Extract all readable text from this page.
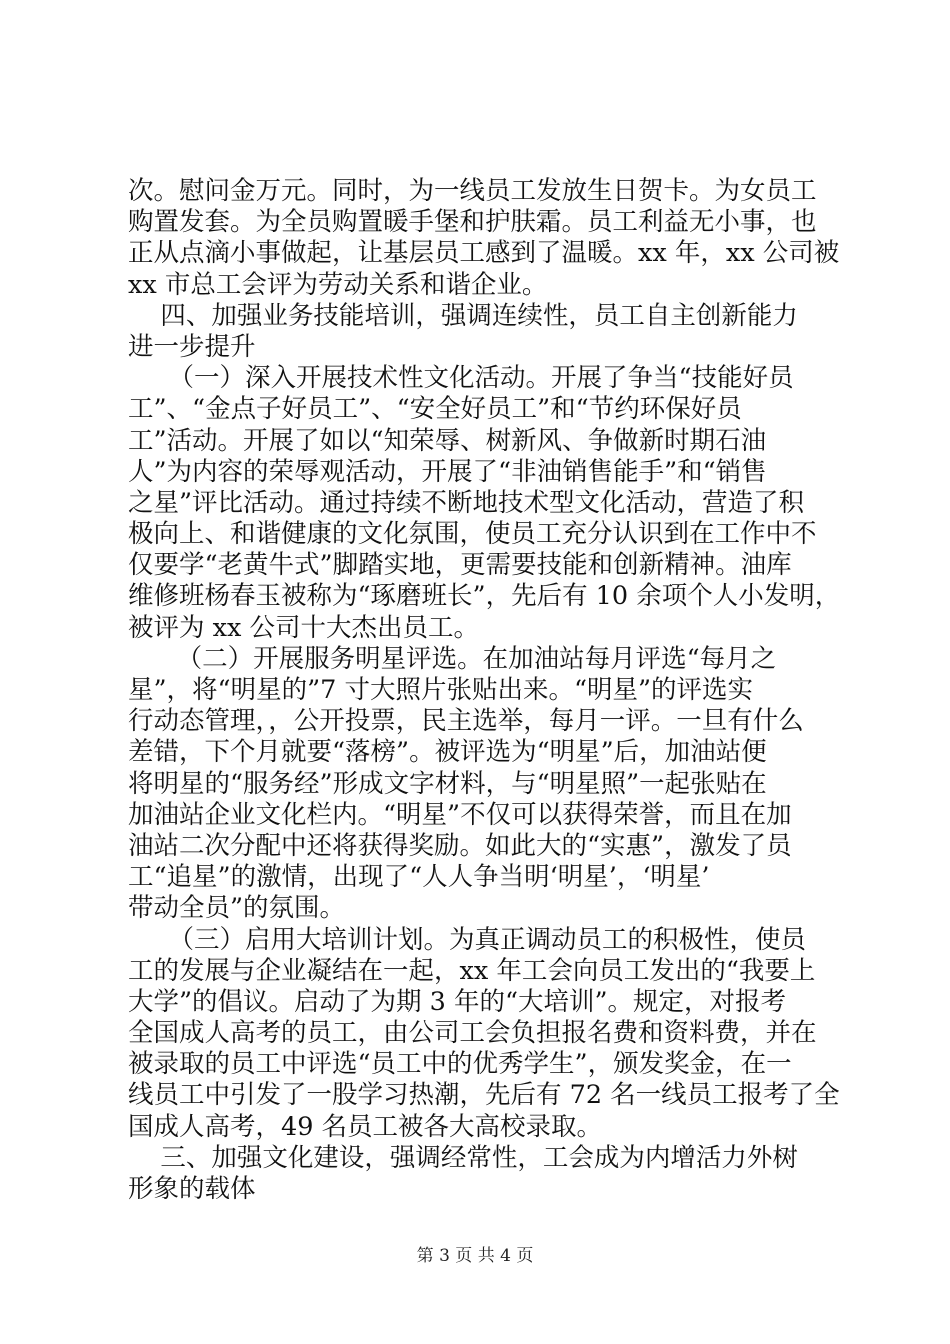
次。慰问金万元。同时，为一线员工发放生日贺卡。为女员工
购置发套。为全员购置暖手堡和护肤霜。员工利益无小事，也
正从点滴小事做起，让基层员工感到了温暖。xx 年，xx 公司被
xx 市总工会评为劳动关系和谐企业。
四、加强业务技能培训，强调连续性，员工自主创新能力
进一步提升
（一）深入开展技术性文化活动。开展了争当“技能好员
工”、“金点子好员工”、“安全好员工”和“节约环保好员
工”活动。开展了如以“知荣辱、树新风、争做新时期石油
人”为内容的荣辱观活动，开展了“非油销售能手”和“销售
之星”评比活动。通过持续不断地技术型文化活动，营造了积
极向上、和谐健康的文化氛围，使员工充分认识到在工作中不
仅要学“老黄牛式”脚踏实地，更需要技能和创新精神。油库
维修班杨春玉被称为“琢磨班长”，先后有 10 余项个人小发明，
被评为 xx 公司十大杰出员工。
（二）开展服务明星评选。在加油站每月评选“每月之
星”，将“明星的”7 寸大照片张贴出来。“明星”的评选实
行动态管理，，公开投票，民主选举，每月一评。一旦有什么
差错，下个月就要“落榜”。被评选为“明星”后，加油站便
将明星的“服务经”形成文字材料，与“明星照”一起张贴在
加油站企业文化栏内。“明星”不仅可以获得荣誉，而且在加
油站二次分配中还将获得奖励。如此大的“实惠”，激发了员
工“追星”的激情，出现了“人人争当明‘明星’，‘明星’
带动全员”的氛围。
（三）启用大培训计划。为真正调动员工的积极性，使员
工的发展与企业凝结在一起，xx 年工会向员工发出的“我要上
大学”的倡议。启动了为期 3 年的“大培训”。规定，对报考
全国成人高考的员工，由公司工会负担报名费和资料费，并在
被录取的员工中评选“员工中的优秀学生”，颁发奖金，在一
线员工中引发了一股学习热潮，先后有 72 名一线员工报考了全
国成人高考，49 名员工被各大高校录取。
三、加强文化建设，强调经常性，工会成为内增活力外树
形象的载体
第 3 页 共 4 页
